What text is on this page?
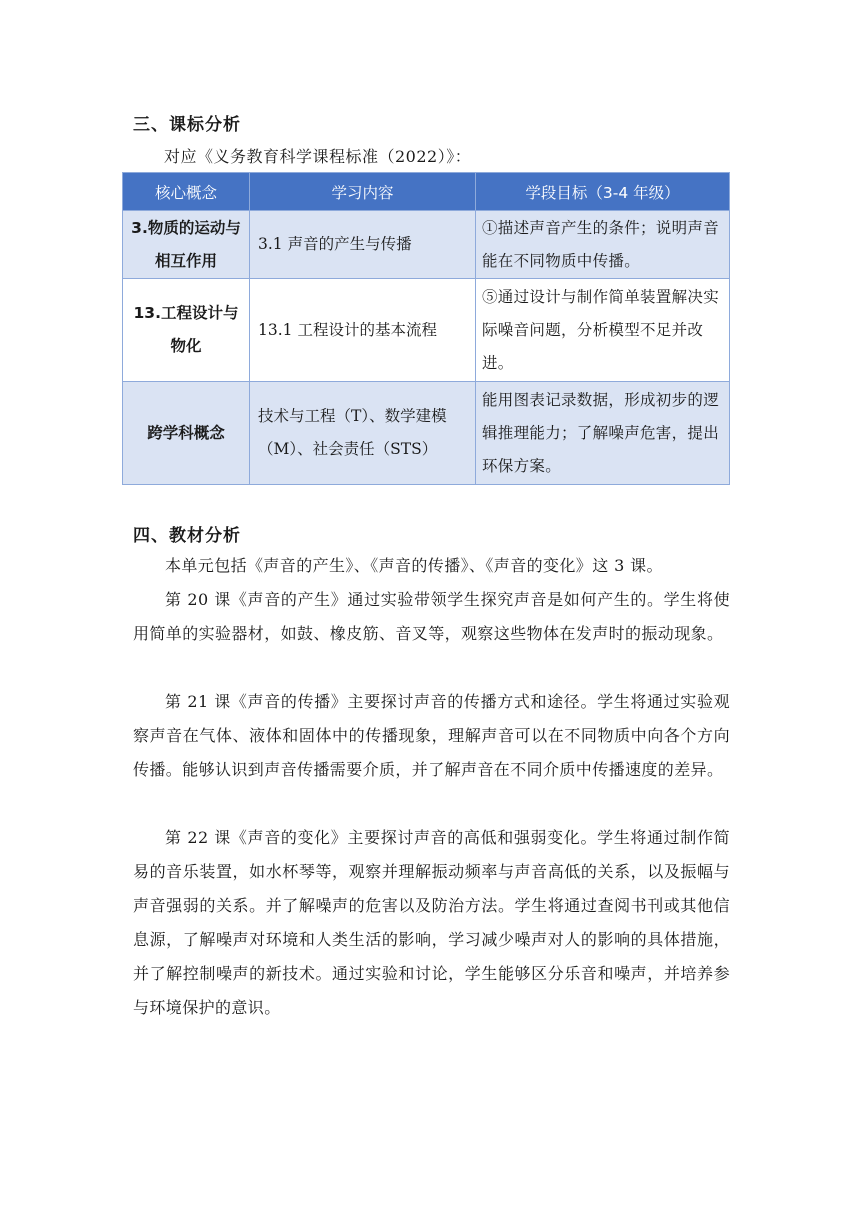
三、课标分析
对应《义务教育科学课程标准（2022）》：
核心概念	学习内容	学段目标（3-4 年级）
3.物质的运动与相互作用	3.1 声音的产生与传播	①描述声音产生的条件；说明声音能在不同物质中传播。
13.工程设计与物化	13.1 工程设计的基本流程	⑤通过设计与制作简单装置解决实际噪音问题，分析模型不足并改进。
跨学科概念	技术与工程（T）、数学建模（M）、社会责任（STS）	能用图表记录数据，形成初步的逻辑推理能力；了解噪声危害，提出环保方案。
四、教材分析

本单元包括《声音的产生》、《声音的传播》、《声音的变化》这 3 课。

第 20 课《声音的产生》通过实验带领学生探究声音是如何产生的。学生将使用简单的实验器材，如鼓、橡皮筋、音叉等，观察这些物体在发声时的振动现象。

第 21 课《声音的传播》主要探讨声音的传播方式和途径。学生将通过实验观察声音在气体、液体和固体中的传播现象，理解声音可以在不同物质中向各个方向传播。能够认识到声音传播需要介质，并了解声音在不同介质中传播速度的差异。

第 22 课《声音的变化》主要探讨声音的高低和强弱变化。学生将通过制作简易的音乐装置，如水杯琴等，观察并理解振动频率与声音高低的关系，以及振幅与声音强弱的关系。并了解噪声的危害以及防治方法。学生将通过查阅书刊或其他信息源，了解噪声对环境和人类生活的影响，学习减少噪声对人的影响的具体措施，并了解控制噪声的新技术。通过实验和讨论，学生能够区分乐音和噪声，并培养参与环境保护的意识。
